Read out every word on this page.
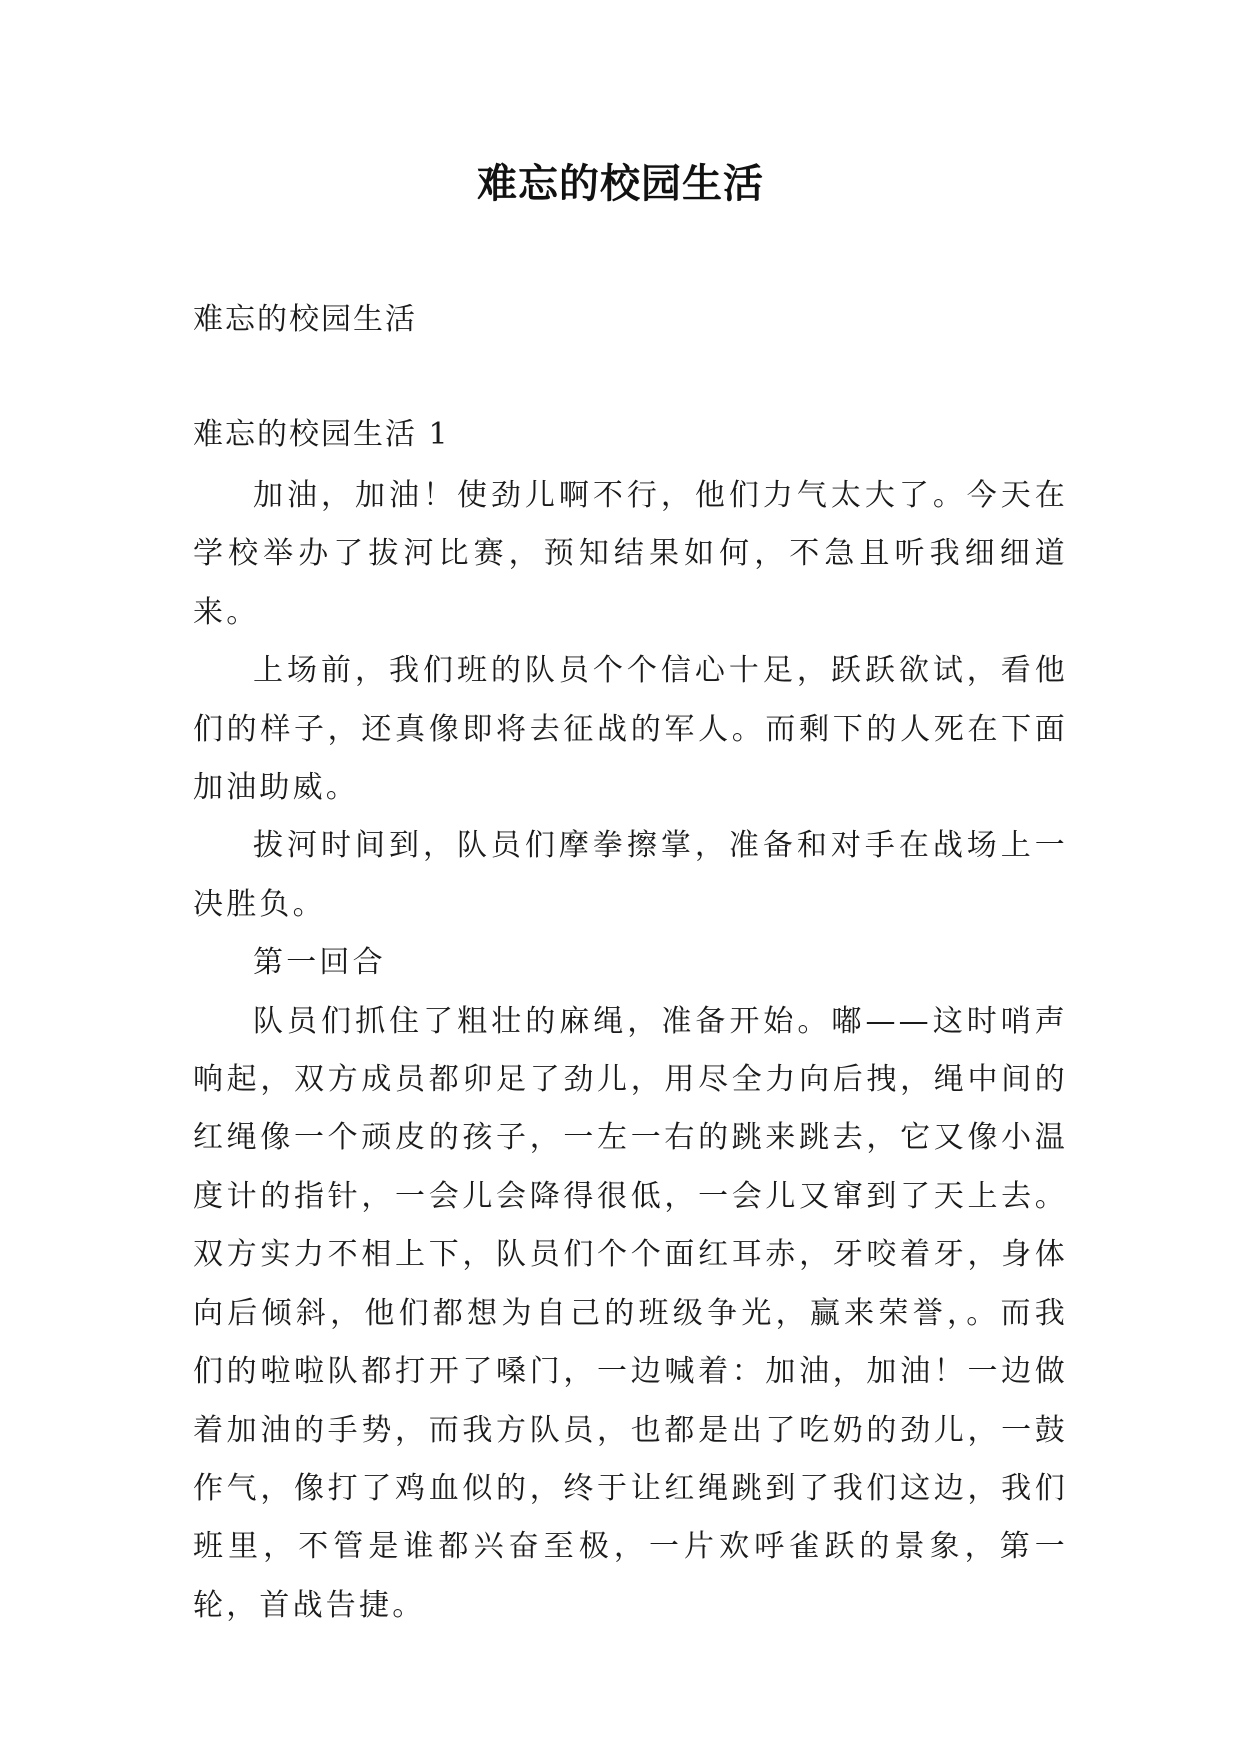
难忘的校园生活
难忘的校园生活
难忘的校园生活 1

加油，加油！使劲儿啊不行，他们力气太大了。今天在学校举办了拔河比赛，预知结果如何，不急且听我细细道来。

上场前，我们班的队员个个信心十足，跃跃欲试，看他们的样子，还真像即将去征战的军人。而剩下的人死在下面加油助威。

拔河时间到，队员们摩拳擦掌，准备和对手在战场上一决胜负。

第一回合

队员们抓住了粗壮的麻绳，准备开始。嘟——这时哨声响起，双方成员都卯足了劲儿，用尽全力向后拽，绳中间的红绳像一个顽皮的孩子，一左一右的跳来跳去，它又像小温度计的指针，一会儿会降得很低，一会儿又窜到了天上去。双方实力不相上下，队员们个个面红耳赤，牙咬着牙，身体向后倾斜，他们都想为自己的班级争光，赢来荣誉，。而我们的啦啦队都打开了嗓门，一边喊着：加油，加油！一边做着加油的手势，而我方队员，也都是出了吃奶的劲儿，一鼓作气，像打了鸡血似的，终于让红绳跳到了我们这边，我们班里，不管是谁都兴奋至极，一片欢呼雀跃的景象，第一轮，首战告捷。
